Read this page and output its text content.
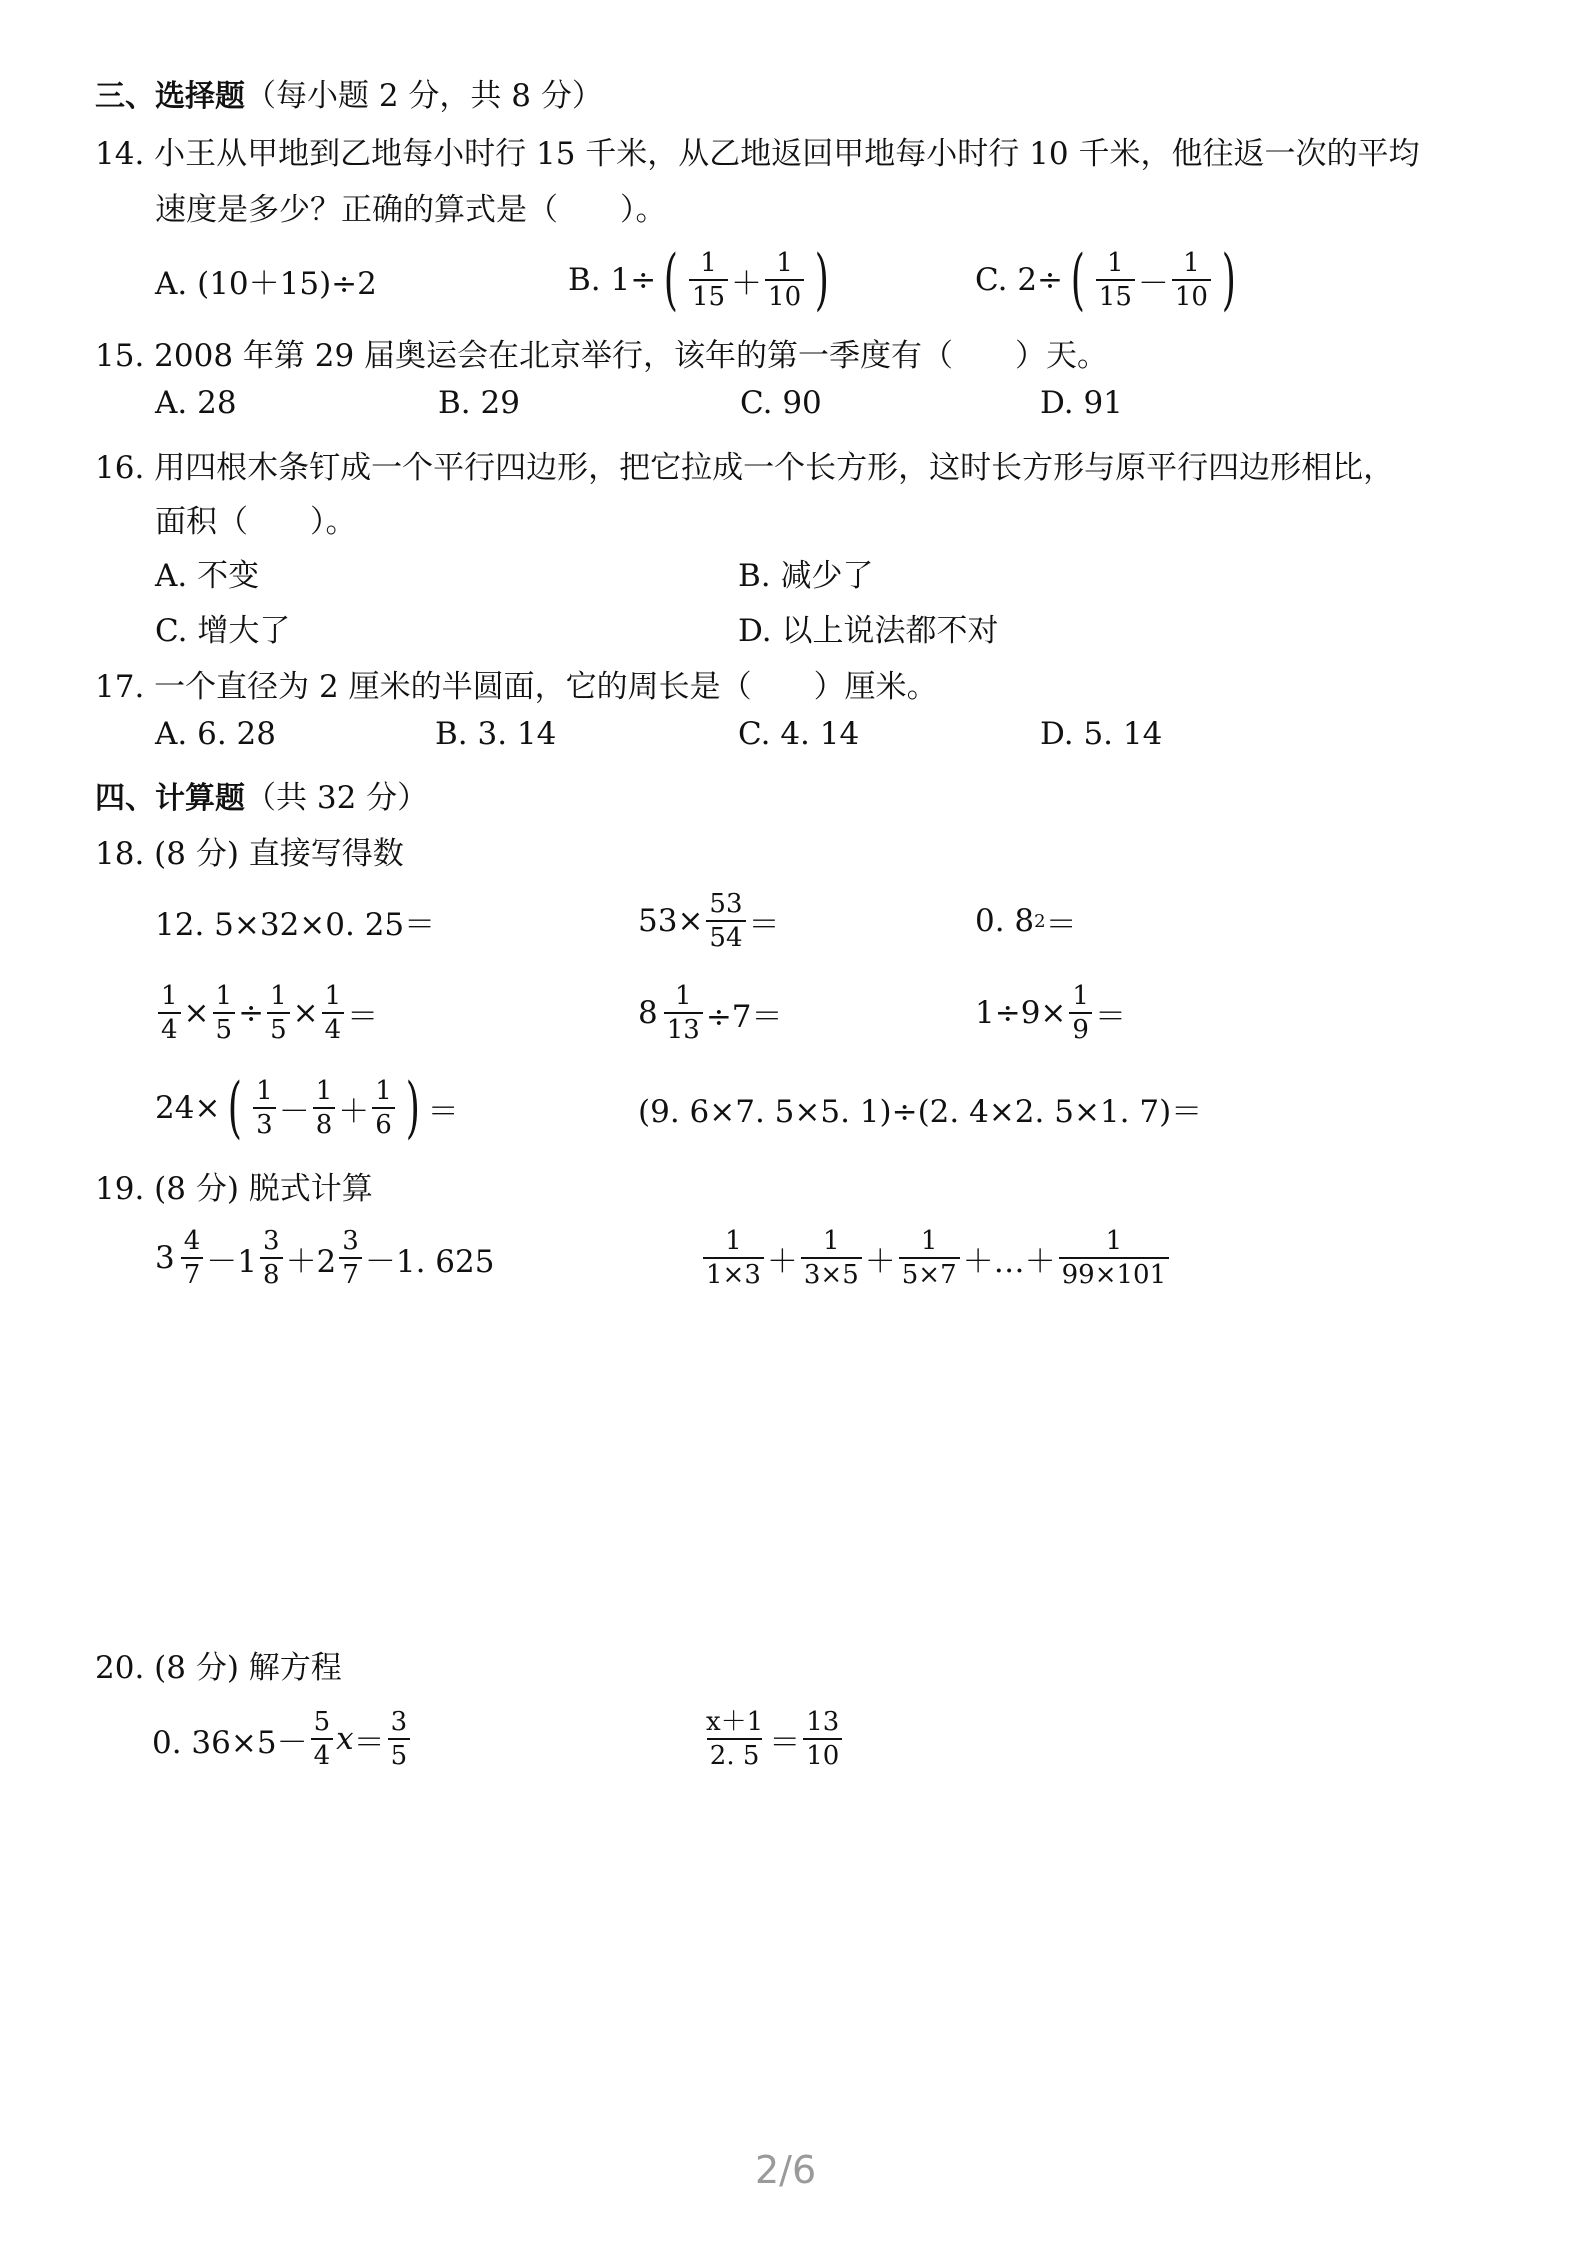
三、选择题（每小题 2 分，共 8 分）
14. 小王从甲地到乙地每小时行 15 千米，从乙地返回甲地每小时行 10 千米，他往返一次的平均
速度是多少？正确的算式是（　　）。
A. (10＋15)÷2	B. 1÷ ( $\frac{1}{15} + \frac{1}{10}$ )	C. 2÷ ( $\frac{1}{15} - \frac{1}{10}$ )
15. 2008 年第 29 届奥运会在北京举行，该年的第一季度有（　　）天。
A. 28	B. 29	C. 90	D. 91
16. 用四根木条钉成一个平行四边形，把它拉成一个长方形，这时长方形与原平行四边形相比，
面积（　　）。
A. 不变	B. 减少了
C. 增大了	D. 以上说法都不对
17. 一个直径为 2 厘米的半圆面，它的周长是（　　）厘米。
A. 6. 28	B. 3. 14	C. 4. 14	D. 5. 14
四、计算题（共 32 分）
18. (8 分) 直接写得数
12. 5×32×0. 25＝	$53\times \frac{53}{54}$ ＝	0. 8 2 ＝
$\frac{1}{4} \times \frac{1}{5} \div \frac{1}{5} \times \frac{1}{4}$ ＝	$8 \frac{1}{13} \div 7=$	$1\div 9\times \frac{1}{9}$ ＝
24× ( $\frac{1}{3} - \frac{1}{8} + \frac{1}{6}$ ) ＝	(9. 6×7. 5×5. 1)÷(2. 4×2. 5×1. 7)＝
19. (8 分) 脱式计算
$3 \frac{4}{7} -1 \frac{3}{8} +2 \frac{3}{7} -1$. 625	$\frac{1}{1\times 3} + \frac{1}{3\times 5} + \frac{1}{5\times 7}$ ＋…＋ $\frac{1}{99\times 101}$
20. (8 分) 解方程
0. $36\times 5- \frac{5}{4}$ $x = \frac{3}{5}$	$\frac{x+1}{2. 5} = \frac{13}{10}$
2/6
